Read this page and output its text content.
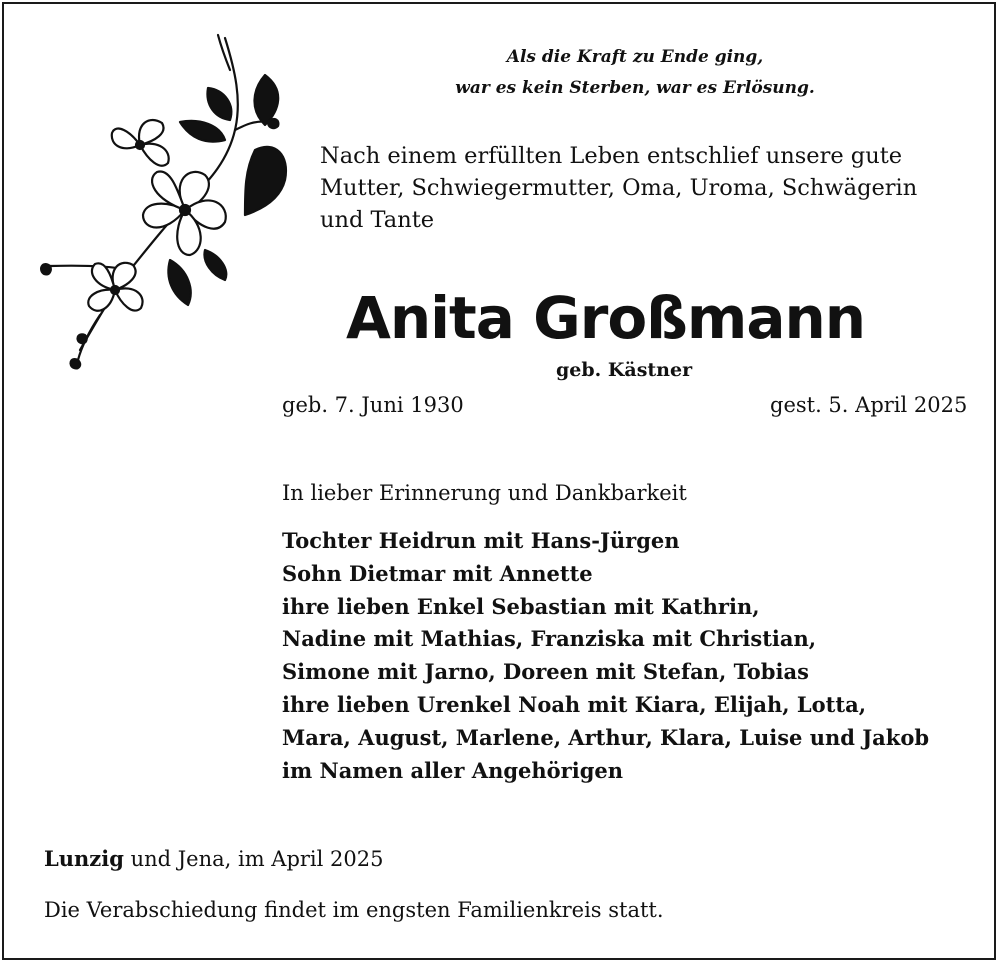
Als die Kraft zu Ende ging,
war es kein Sterben, war es Erlösung.
Nach einem erfüllten Leben entschlief unsere gute
Mutter, Schwiegermutter, Oma, Uroma, Schwägerin
und Tante
Anita Großmann
geb. Kästner
geb. 7. Juni 1930	gest. 5. April 2025
In lieber Erinnerung und Dankbarkeit
Tochter Heidrun mit Hans-Jürgen
Sohn Dietmar mit Annette
ihre lieben Enkel Sebastian mit Kathrin,
Nadine mit Mathias, Franziska mit Christian,
Simone mit Jarno, Doreen mit Stefan, Tobias
ihre lieben Urenkel Noah mit Kiara, Elijah, Lotta,
Mara, August, Marlene, Arthur, Klara, Luise und Jakob
im Namen aller Angehörigen
Lunzig und Jena, im April 2025
Die Verabschiedung findet im engsten Familienkreis statt.
